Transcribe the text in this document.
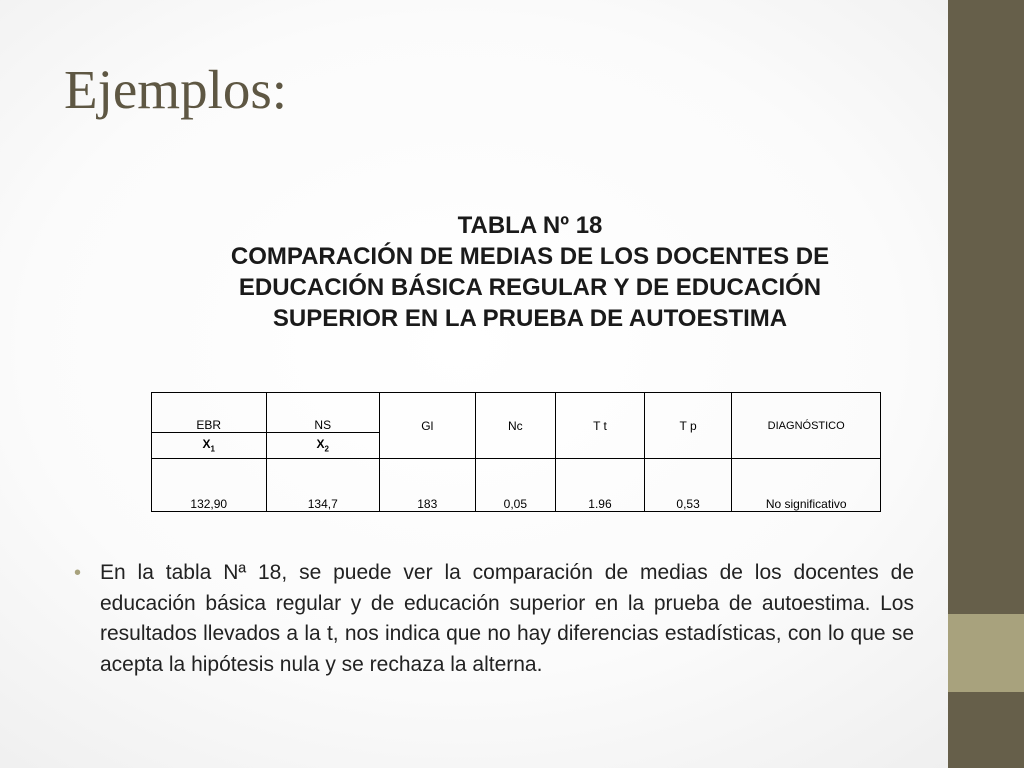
Ejemplos:
TABLA Nº 18
COMPARACIÓN DE MEDIAS DE LOS DOCENTES DE
EDUCACIÓN BÁSICA REGULAR Y DE EDUCACIÓN
SUPERIOR EN LA PRUEBA DE AUTOESTIMA
EBR	NS	Gl	Nc	T t	T p	DIAGNÓSTICO
$X_1$	$X_2$
132,90	134,7	183	0,05	1.96	0,53	No significativo
• En la tabla Nª 18, se puede ver la comparación de medias de los docentes de educación básica regular y de educación superior en la prueba de autoestima. Los resultados llevados a la t, nos indica que no hay diferencias estadísticas, con lo que se acepta la hipótesis nula y se rechaza la alterna.
